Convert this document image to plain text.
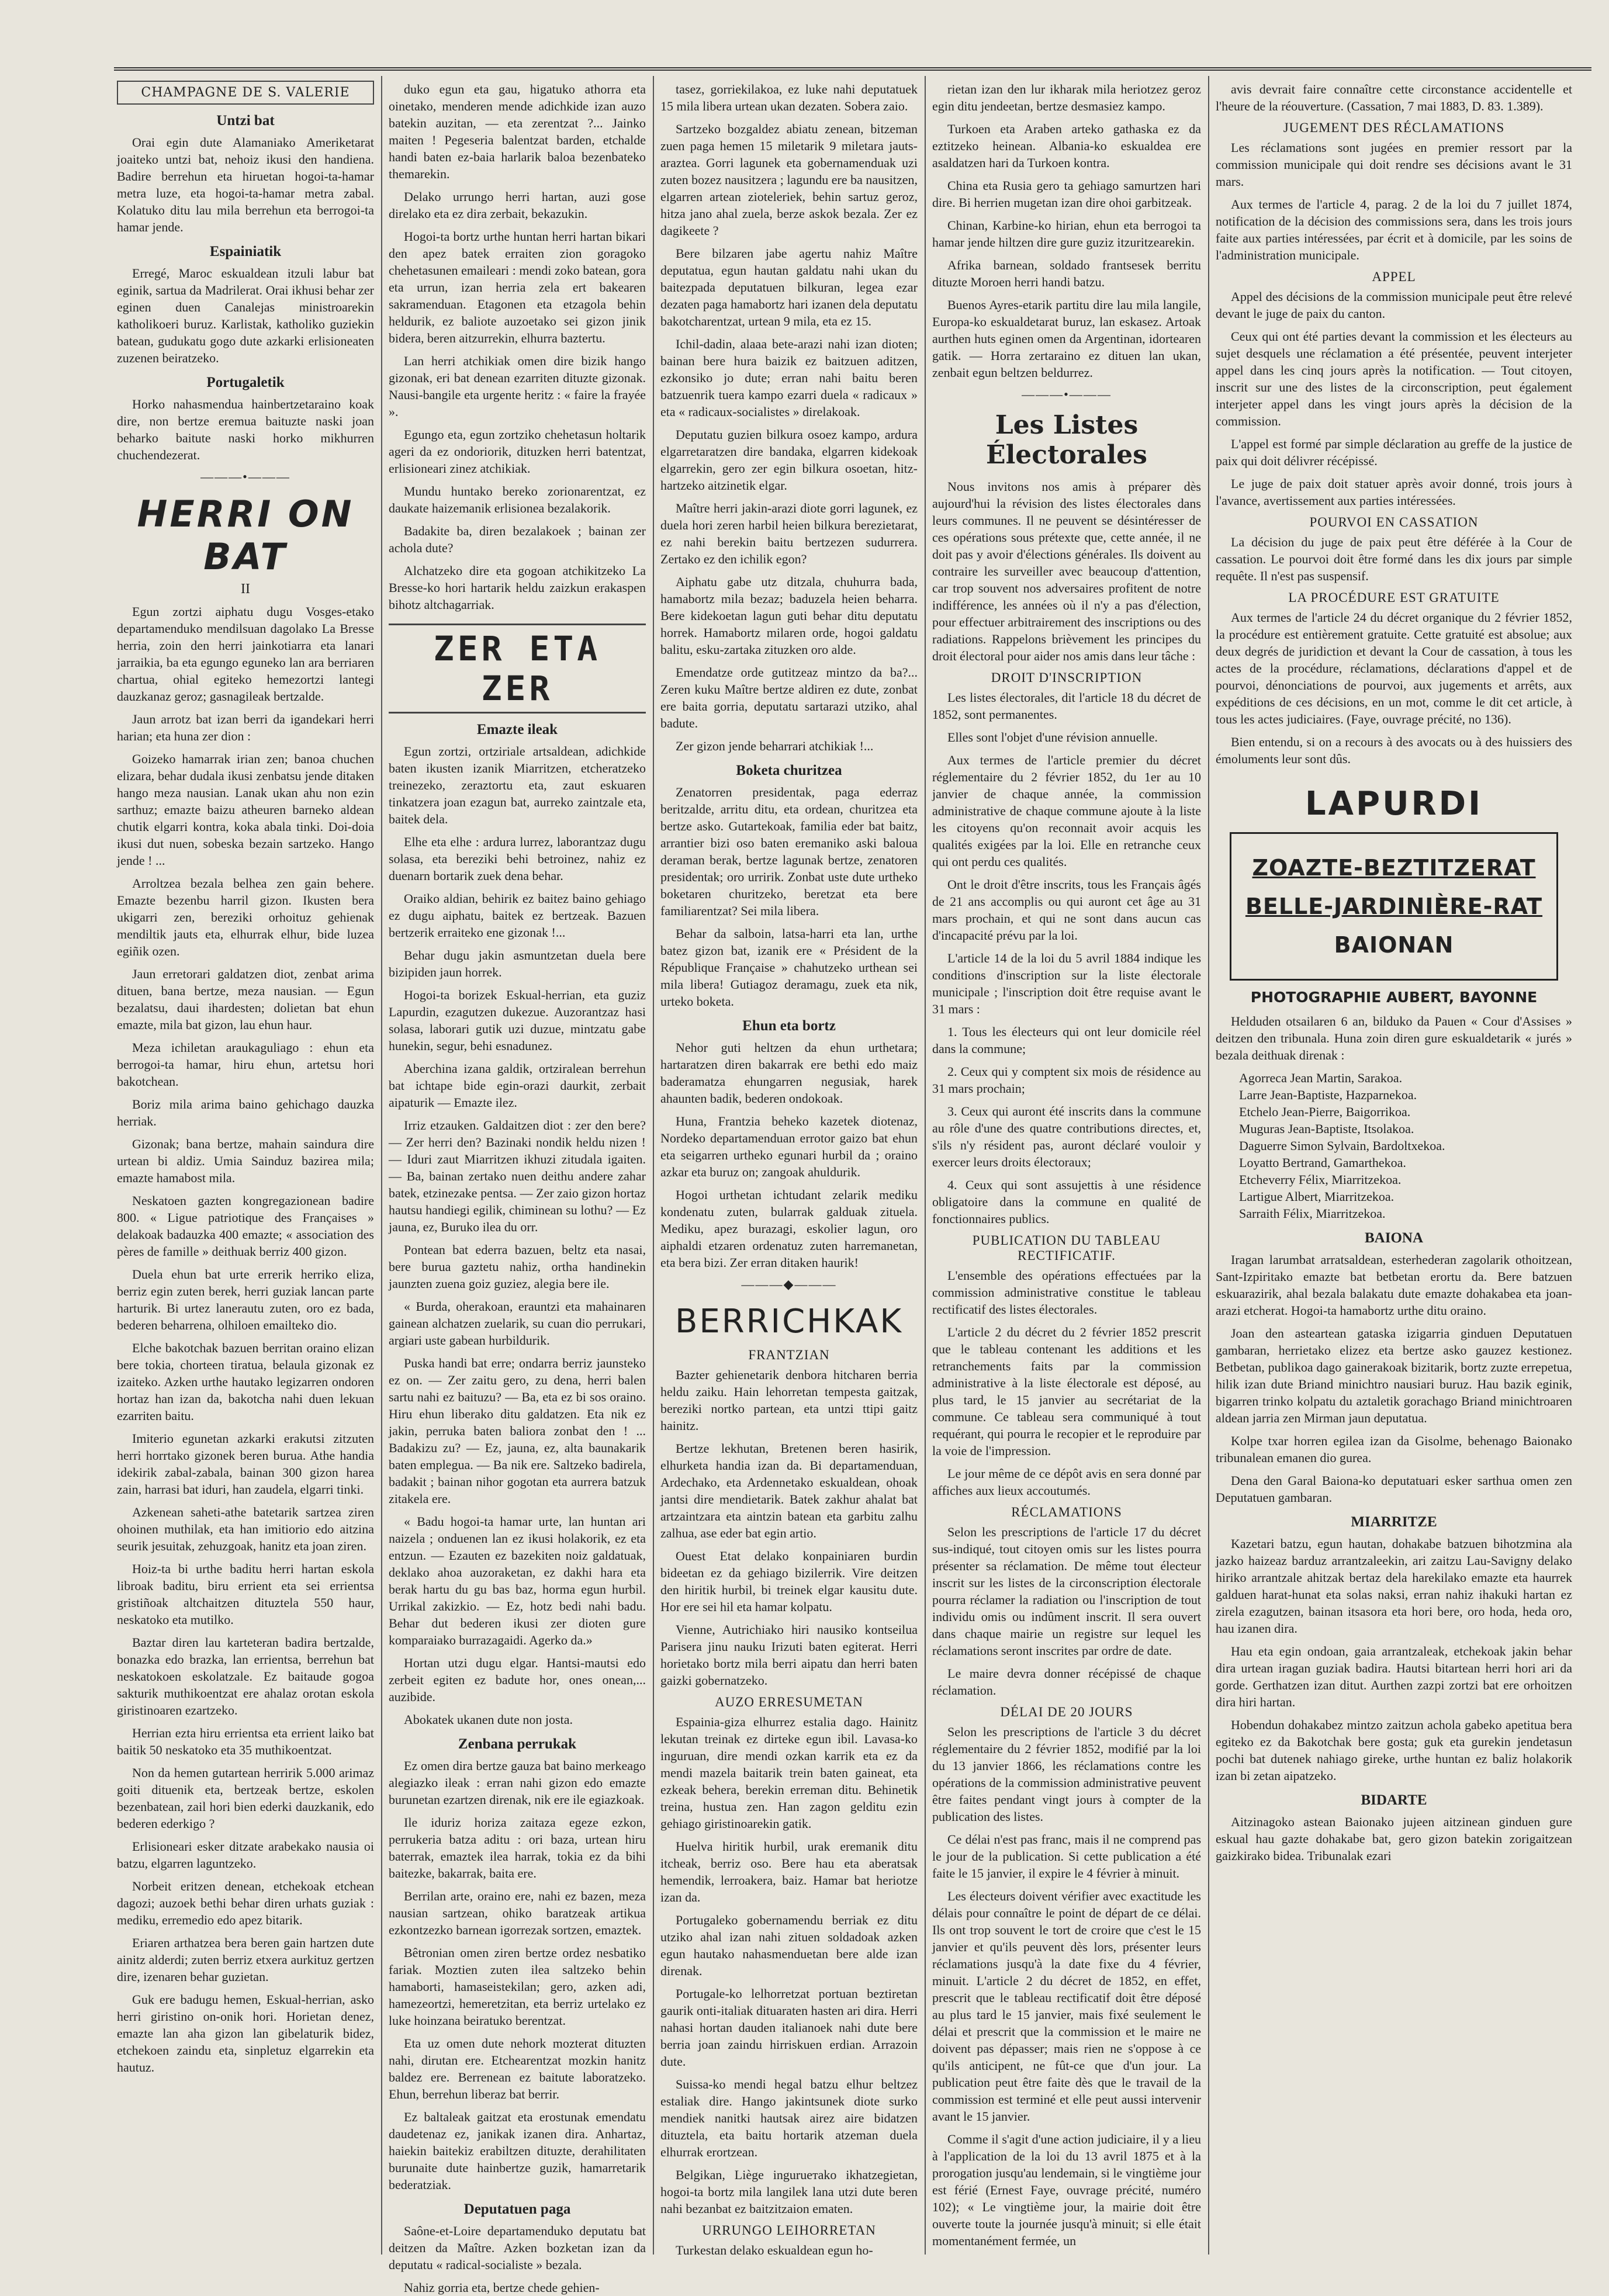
CHAMPAGNE DE S. VALERIE
Untzi bat

Orai egin dute Alamaniako Ameriketarat joaiteko untzi bat, nehoiz ikusi den handiena. Badire berrehun eta hiruetan hogoi-ta-hamar metra luze, eta hogoi-ta-hamar metra zabal. Kolatuko ditu lau mila berrehun eta berrogoi-ta hamar jende.

Espainiatik

Erregé, Maroc eskualdean itzuli labur bat eginik, sartua da Madrilerat. Orai ikhusi behar zer eginen duen Canalejas ministroarekin katholikoeri buruz. Karlistak, katholiko guziekin batean, gudukatu gogo dute azkarki erlisioneaten zuzenen beiratzeko.

Portugaletik

Horko nahasmendua hainbertzetaraino koak dire, non bertze eremua baituzte naski joan beharko baitute naski horko mikhurren chuchendezerat.

———•———
HERRI ON BAT
II

Egun zortzi aiphatu dugu Vosges-etako departamenduko mendilsuan dagolako La Bresse herria, zoin den herri jainkotiarra eta lanari jarraikia, ba eta egungo eguneko lan ara berriaren chartua, ohial egiteko hemezortzi lantegi dauzkanaz geroz; gasnagileak bertzalde.

Jaun arrotz bat izan berri da igandekari herri harian; eta huna zer dion :

Goizeko hamarrak irian zen; banoa chuchen elizara, behar dudala ikusi zenbatsu jende ditaken hango meza nausian. Lanak ukan ahu non ezin sarthuz; emazte baizu atheuren barneko aldean chutik elgarri kontra, koka abala tinki. Doi-doia ikusi dut nuen, sobeska bezain sartzeko. Hango jende ! ...

Arroltzea bezalа belhea zen gain behere. Emazte bezenbu harril gizon. Ikusten bera ukigarri zen, bereziki orhoituz gehienak mendiltik jauts eta, elhurrak elhur, bide luzea egiñik ozen.

Jaun erretorari galdatzen diot, zenbat arima dituen, bana bertze, meza nausian. — Egun bezalatsu, daui ihardesten; dolietan bat ehun emazte, mila bat gizon, lau ehun haur.

Meza ichiletan araukaguliago : ehun eta berrogoi-ta hamar, hiru ehun, artetsu hori bakotchean.

Boriz mila arima baino gehichago dauzka herriak.

Gizonak; bana bertze, mahain saindura dire urtean bi aldiz. Umia Sainduz bazirea mila; emazte hamabost mila.

Neskatoen gazten kongregazionean badire 800. « Ligue patriotique des Françaises » delakoak badauzka 400 emazte; « association des pères de famille » deithuak berriz 400 gizon.

Duela ehun bat urte errerik herriko eliza, berriz egin zuten berek, herri guziak lancan parte harturik. Bi urtez lanerautu zuten, oro ez bada, bederen beharrena, olhiloen emailteko dio.

Elche bakotchak bazuen berritan oraino elizan bere tokia, chorteen tiratua, belaula gizonak ez izaiteko. Azken urthe hautako legizarren ondoren hortaz han izan da, bakotcha nahi duen lekuan ezarriten baitu.

Imiterio egunetan azkarki erakutsi zitzuten herri horrtako gizonek beren burua. Athe handia idekirik zabal-zabala, bainan 300 gizon harea zain, harrasi bat iduri, han zaudela, elgarri tinki.

Azkenean saheti-athe batetarik sartzea ziren ohoinen muthilak, eta han imitiorio edo aitzina seurik jesuitak, zehuzgoak, hanitz eta joan ziren.

Hoiz-ta bi urthe baditu herri hartan eskola libroak baditu, biru errient eta sei errientsa gristiñoak altchaitzen dituztela 550 haur, neskatoko eta mutilko.

Baztar diren lau karteteran badira bertzalde, bonazka edo brazka, lan errientsa, berrehun bat neskatokoen eskolatzale. Ez baitaude gogoa sakturik muthikoentzat ere ahalaz orotan eskola giristinoaren ezartzeko.

Herrian ezta hiru errientsa eta errient laiko bat baitik 50 neskatoko eta 35 muthikoentzat.

Non da hemen gutartean herririk 5.000 arimaz goiti dituenik eta, bertzeak bertze, eskolen bezenbatean, zail hori bien ederki dauzkanik, edo bederen ederkigo ?

Erlisioneari esker ditzate arabekako nausia oi batzu, elgarren laguntzeko.

Norbeit eritzen denean, etchekoak etchean dagozi; auzoek bethi behar diren urhats guziak : mediku, erremedio edo apez bitarik.

Eriaren arthatzea bera beren gain hartzen dute ainitz alderdi; zuten berriz etxera aurkituz gertzen dire, izenaren behar guzietan.

Guk ere badugu hemen, Eskual-herrian, asko herri giristino on-onik hori. Horietan denez, emazte lan aha gizon lan gibelaturik bidez, etchekoen zaindu eta, sinpletuz elgarrekin eta hautuz.

duko egun eta gau, higatuko athorra eta oinetako, menderen mende adichkide izan auzo batekin auzitan, — eta zerentzat ?... Jainko maiten ! Pegeseria balentzat barden, etchalde handi baten ez-baia harlarik baloa bezenbateko themarekin.

Delako urrungo herri hartan, auzi gose direlako eta ez dira zerbait, bekazukin.

Hogoi-ta bortz urthe huntan herri hartan bikari den apez batek erraiten zion goragoko chehetasunen emaileari : mendi zoko batean, gora eta urrun, izan herria zela ert bakearen sakramenduan. Etagonen eta etzagola behin heldurik, ez baliote auzoetako sei gizon jinik bidera, beren aitzurrekin, elhurra baztertu.

Lan herri atchikiak omen dire bizik hango gizonak, eri bat denean ezarriten dituzte gizonak. Nausi-bangile eta urgente heritz : « faire la frayée ».

Egungo eta, egun zortziko chehetasun holtarik ageri da ez ondoriorik, dituzken herri batentzat, erlisioneari zinez atchikiak.

Mundu huntako bereko zorionarentzat, ez daukate haizemanik erlisionea bezalakorik.

Badakite ba, diren bezalakoek ; bainan zer achola dute?

Alchatzeko dire eta gogoan atchikitzeko La Bresse-ko hori hartarik heldu zaizkun erakaspen bihotz altchagarriak.

ZER ETA ZER
Emazte ileak

Egun zortzi, ortziriale artsaldean, adichkide baten ikusten izanik Miarritzen, etcheratzeko treinezeko, zeraztortu eta, zaut eskuaren tinkatzera joan ezagun bat, aurreko zaintzale eta, baitek dela.

Elhe eta elhe : ardura lurrez, laborantzaz dugu solasa, eta bereziki behi betroinez, nahiz ez duenarn bortarik zuek dena behar.

Oraiko aldian, behirik ez baitez baino gehiago ez dugu aiphatu, baitek ez bertzeak. Bazuen bertzerik erraiteko ene gizonak !...

Behar dugu jakin asmuntzetan duela bere bizipiden jaun horrek.

Hogoi-ta borizek Eskual-herrian, eta guziz Lapurdin, ezagutzen dukezue. Auzorantzaz hasi solasa, laborari gutik uzi duzue, mintzatu gabe hunekin, segur, behi esnadunez.

Aberchina izana galdik, ortziralean berrehun bat ichtape bide egin-orazi daurkit, zerbait aipaturik — Emazte ilez.

Irriz etzauken. Galdaitzen diot : zer den bere? — Zer herri den? Bazinaki nondik heldu nizen ! — Iduri zaut Miarritzen ikhuzi zitudala igaiten. — Ba, bainan zertako nuen deithu andere zahar batek, etzinezake pentsa. — Zer zaio gizon hortaz hautsu handiegi egilik, chiminean su lothu? — Ez jauna, ez, Buruko ilea du orr.

Pontean bat ederra bazuen, beltz eta nasai, bere burua gaztetu nahiz, ortha handinekin jaunzten zuena goiz guziez, alegia bere ile.

« Burda, oherakoan, erauntzi eta mahainaren gainean alchatzen zuelarik, su cuan dio perrukari, argiari uste gabean hurbildurik.

Puska handi bat erre; ondarra berriz jaunsteko ez on. — Zer zaitu gero, zu dena, herri balen sartu nahi ez baituzu? — Ba, eta ez bi sos oraino. Hiru ehun liberako ditu galdatzen. Eta nik ez jakin, perruka baten baliora zonbat den ! ... Badakizu zu? — Ez, jauna, ez, alta baunakarik baten emplegua. — Ba nik ere. Saltzeko badirela, badakit ; bainan nihor gogotan eta aurrera batzuk zitakela ere.

« Badu hogoi-ta hamar urte, lan huntan ari naizela ; onduenen lan ez ikusi holakorik, ez eta entzun. — Ezauten ez bazekiten noiz galdatuak, deklako ahoa auzoraketan, ez dakhi hara eta berak hartu du gu bas baz, horma egun hurbil. Urrikal zakizkio. — Ez, hotz bedi nahi badu. Behar dut bederen ikusi zer dioten gure komparaiako burrazagaidi. Agerko da.»

Hortan utzi dugu elgar. Hantsi-mautsi edo zerbeit egiten ez badute hor, ones onean,... auzibide.

Abokatek ukanen dute non josta.

Zenbana perrukak

Ez omen dira bertze gauza bat baino merkeago alegiazko ileak : erran nahi gizon edo emazte burunetan ezartzen direnak, nik ere ile egiazkoak.

Ile iduriz horiza zaitaza egeze ezkon, perrukeria batza aditu : ori baza, urtean hiru baterrak, emaztek ilea harrak, tokia ez da bihi baitezke, bakarrak, baita ere.

Berrilan arte, oraino ere, nahi ez bazen, meza nausian sartzean, ohiko baratzeak artikua ezkontzezko barnean igorrezak sortzen, emaztek.

Bêtronian omen ziren bertze ordez nesbatiko fariak. Moztien zuten ilea saltzeko behin hamaborti, hamaseistekilan; gero, azken adi, hamezeortzi, hemeretzitan, eta berriz urtelako ez luke hoinzana beiratuko berentzat.

Eta uz omen dute nehork mozterat dituzten nahi, dirutan ere. Etchearentzat mozkin hanitz baldez ere. Berrenean ez baitute laboratzeko. Ehun, berrehun liberaz bat berrir.

Ez baltaleak gaitzat eta erostunak emendatu daudetenaz ez, janikak izanen dira. Anhartaz, haiekin baitekiz erabiltzen dituzte, derahilitaten burunaite dute hainbertze guzik, hamarretarik bederatziak.

Deputatuen paga

Saône-et-Loire departamenduko deputatu bat deitzen da Maître. Azken bozketan izan da deputatu « radical-socialiste » bezala.

Nahiz gorria eta, bertze chede gehien-

tasez, gorriekilakoa, ez luke nahi deputatuek 15 mila libera urtean ukan dezaten. Sobera zaio.

Sartzeko bozgaldez abiatu zenean, bitzeman zuen paga hemen 15 miletarik 9 miletara jauts-araztea. Gorri lagunek eta gobernamenduak uzi zuten bozez nausitzera ; lagundu ere ba nausitzen, elgarren artean zioteleriek, behin sartuz geroz, hitza jano ahal zuela, berze askok bezala. Zer ez dagikeete ?

Bere bilzaren jabe agertu nahiz Maître deputatua, egun hautan galdatu nahi ukan du baitezpada deputatuen bilkuran, legea ezar dezaten paga hamabortz hari izanen dela deputatu bakotcharentzat, urtean 9 mila, eta ez 15.

Ichil-dadin, alaaa bete-arazi nahi izan dioten; bainan bere hura baizik ez baitzuen aditzen, ezkonsiko jo dute; erran nahi baitu beren batzuenrik tuera kampo ezarri duela « radicaux » eta « radicaux-socialistes » direlakoak.

Deputatu guzien bilkura osoez kampo, ardura elgarretaratzen dire bandaka, elgarren kidekoak elgarrekin, gero zer egin bilkura osoetan, hitz-hartzeko aitzinetik elgar.

Maître herri jakin-arazi diote gorri lagunek, ez duela hori zeren harbil heien bilkura berezietarat, ez nahi berekin baitu bertzezen sudurrera. Zertako ez den ichilik egon?

Aiphatu gabe utz ditzala, chuhurra bada, hamabortz mila bezaz; baduzela heien beharra. Bere kidekoetan lagun guti behar ditu deputatu horrek. Hamabortz milaren orde, hogoi galdatu balitu, esku-zartaka zituzken oro alde.

Emendatze orde gutitzeaz mintzo da ba?... Zeren kuku Maître bertze aldiren ez dute, zonbat ere baita gorria, deputatu sartarazi utziko, ahal badute.

Zer gizon jende beharrari atchikiak !...

Boketa churitzea

Zenatorren presidentak, paga ederraz beritzalde, arritu ditu, eta ordean, churitzea eta bertze asko. Gutartekoak, familia eder bat baitz, arrantier bizi oso baten eremaniko aski baloua deraman berak, bertze lagunak bertze, zenatoren presidentak; oro urririk. Zonbat uste dute urtheko boketaren churitzeko, beretzat eta bere familiarentzat? Sei mila libera.

Behar da salboin, latsa-harri eta lan, urthe batez gizon bat, izanik ere « Président de la République Française » chahutzeko urthean sei mila libera! Gutiagoz deramagu, zuek eta nik, urteko boketa.

Ehun eta bortz

Nehor guti heltzen da ehun urthetara; hartaratzen diren bakarrak ere bethi edo maiz baderamatza ehungarren negusiak, harek ahaunten badik, bederen ondokoak.

Huna, Frantzia beheko kazetek diotenaz, Nordeko departamenduan errotor gaizo bat ehun eta seigarren urtheko egunari hurbil da ; oraino azkar eta buruz on; zangoak ahuldurik.

Hogoi urthetan ichtudant zelarik mediku kondenatu zuten, bularrak galduak zituela. Mediku, apez burazagi, eskolier lagun, oro aiphaldi etzaren ordenatuz zuten harremanetan, eta bera bizi. Zer erran ditaken haurik!

———◆———
BERRICHKAK
FRANTZIAN

Bazter gehienetarik denbora hitcharen berria heldu zaiku. Hain lehorretan tempesta gaitzak, bereziki nortko partean, eta untzi ttipi gaitz hainitz.

Bertze lekhutan, Bretenen beren hasirik, elhurketa handia izan da. Bi departamenduan, Ardechako, eta Ardennetako eskualdean, ohoak jantsi dire mendietarik. Batek zakhur ahalat bat artzaintzara eta aintzin batean eta garbitu zalhu zalhua, ase eder bat egin artio.

Ouest Etat delako konpainiaren burdin bideetan ez da gehiago bizilerrik. Vire deitzen den hiritik hurbil, bi treinek elgar kausitu dute. Hor ere sei hil eta hamar kolpatu.

Vienne, Autrichiako hiri nausiko kontseilua Parisera jinu nauku Irizuti baten egiterat. Herri horietako bortz mila berri aipatu dan herri baten gaizki gobernatzeko.

AUZO ERRESUMETAN

Espainia-giza elhurrez estalia dago. Hainitz lekutan treinak ez dirteke egun ibil. Lavasa-ko inguruan, dire mendi ozkan karrik eta ez da mendi mazela baitarik trein baten gaineat, eta ezkeak behera, berekin erreman ditu. Behinetik treina, hustua zen. Han zagon gelditu ezin gehiago giristinoarekin gatik.

Huelva hiritik hurbil, urak eremanik ditu itcheak, berriz oso. Bere hau eta aberatsak hemendik, lerroakera, baiz. Hamar bat heriotze izan da.

Portugaleko gobernamendu berriak ez ditu utziko ahal izan nahi zituen soldadoak azken egun hautako nahasmenduetan bere alde izan direnak.

Portugale-ko lelhorretzat portuan beztiretan gaurik onti-italiak dituaraten hasten ari dira. Herri nahasi hortan dauden italianoek nahi dute bere berria joan zaindu hirriskuen erdian. Arrazoin dute.

Suissa-ko mendi hegal batzu elhur beltzez estaliak dire. Hango jakintsunek diote surko mendiek nanitki hautsak airez aire bidatzen dituztela, eta baitu hortarik atzeman duela elhurrak erortzean.

Belgikan, Liège ingurueтako ikhatzegietan, hogoi-ta bortz mila langilek lana utzi dute beren nahi bezanbat ez baitzitzaion ematen.

URRUNGO LEIHORRETAN

Turkestan delako eskualdean egun ho-

rietan izan den lur ikharak mila heriotzez geroz egin ditu jendeetan, bertze desmasiez kampo.

Turkoen eta Araben arteko gathaska ez da eztitzeko heinean. Albania-ko eskualdea ere asaldatzen hari da Turkoen kontra.

China eta Rusia gero ta gehiago samurtzen hari dire. Bi herrien mugetan izan dire ohoi garbitzeak.

Chinan, Karbine-ko hirian, ehun eta berrogoi ta hamar jende hiltzen dire gure guziz itzuritzearekin.

Afrika barnean, soldado frantsesek berritu dituzte Moroen herri handi batzu.

Buenos Ayres-etarik partitu dire lau mila langile, Europa-ko eskualdetarat buruz, lan eskasez. Artoak aurthen huts eginen omen da Argentinan, idortearen gatik. — Horra zertaraino ez dituen lan ukan, zenbait egun beltzen beldurrez.

———•———
Les Listes Électorales

Nous invitons nos amis à préparer dès aujourd'hui la révision des listes électorales dans leurs communes. Il ne peuvent se désintéresser de ces opérations sous prétexte que, cette année, il ne doit pas y avoir d'élections générales. Ils doivent au contraire les surveiller avec beaucoup d'attention, car trop souvent nos adversaires profitent de notre indifférence, les années où il n'y a pas d'élection, pour effectuer arbitrairement des inscriptions ou des radiations. Rappelons brièvement les principes du droit électoral pour aider nos amis dans leur tâche :

DROIT D'INSCRIPTION

Les listes électorales, dit l'article 18 du décret de 1852, sont permanentes.

Elles sont l'objet d'une révision annuelle.

Aux termes de l'article premier du décret réglementaire du 2 février 1852, du 1er au 10 janvier de chaque année, la commission administrative de chaque commune ajoute à la liste les citoyens qu'on reconnait avoir acquis les qualités exigées par la loi. Elle en retranche ceux qui ont perdu ces qualités.

Ont le droit d'être inscrits, tous les Français âgés de 21 ans accomplis ou qui auront cet âge au 31 mars prochain, et qui ne sont dans aucun cas d'incapacité prévu par la loi.

L'article 14 de la loi du 5 avril 1884 indique les conditions d'inscription sur la liste électorale municipale ; l'inscription doit être requise avant le 31 mars :

1. Tous les électeurs qui ont leur domicile réel dans la commune;

2. Ceux qui y comptent six mois de résidence au 31 mars prochain;

3. Ceux qui auront été inscrits dans la commune au rôle d'une des quatre contributions directes, et, s'ils n'y résident pas, auront déclaré vouloir y exercer leurs droits électoraux;

4. Ceux qui sont assujettis à une résidence obligatoire dans la commune en qualité de fonctionnaires publics.

PUBLICATION DU TABLEAU RECTIFICATIF.

L'ensemble des opérations effectuées par la commission administrative constitue le tableau rectificatif des listes électorales.

L'article 2 du décret du 2 février 1852 prescrit que le tableau contenant les additions et les retranchements faits par la commission administrative à la liste électorale est déposé, au plus tard, le 15 janvier au secrétariat de la commune. Ce tableau sera communiqué à tout requérant, qui pourra le recopier et le reproduire par la voie de l'impression.

Le jour même de ce dépôt avis en sera donné par affiches aux lieux accoutumés.

RÉCLAMATIONS

Selon les prescriptions de l'article 17 du décret sus-indiqué, tout citoyen omis sur les listes pourra présenter sa réclamation. De même tout électeur inscrit sur les listes de la circonscription électorale pourra réclamer la radiation ou l'inscription de tout individu omis ou indûment inscrit. Il sera ouvert dans chaque mairie un registre sur lequel les réclamations seront inscrites par ordre de date.

Le maire devra donner récépissé de chaque réclamation.

DÉLAI DE 20 JOURS

Selon les prescriptions de l'article 3 du décret réglementaire du 2 février 1852, modifié par la loi du 13 janvier 1866, les réclamations contre les opérations de la commission administrative peuvent être faites pendant vingt jours à compter de la publication des listes.

Ce délai n'est pas franc, mais il ne comprend pas le jour de la publication. Si cette publication a été faite le 15 janvier, il expire le 4 février à minuit.

Les électeurs doivent vérifier avec exactitude les délais pour connaître le point de départ de ce délai. Ils ont trop souvent le tort de croire que c'est le 15 janvier et qu'ils peuvent dès lors, présenter leurs réclamations jusqu'à la date fixe du 4 février, minuit. L'article 2 du décret de 1852, en effet, prescrit que le tableau rectificatif doit être déposé au plus tard le 15 janvier, mais fixé seulement le délai et prescrit que la commission et le maire ne doivent pas dépasser; mais rien ne s'oppose à ce qu'ils anticipent, ne fût-ce que d'un jour. La publication peut être faite dès que le travail de la commission est terminé et elle peut aussi intervenir avant le 15 janvier.

Comme il s'agit d'une action judiciaire, il y a lieu à l'application de la loi du 13 avril 1875 et à la prorogation jusqu'au lendemain, si le vingtième jour est férié (Ernest Faye, ouvrage précité, numéro 102); « Le vingtième jour, la mairie doit être ouverte toute la journée jusqu'à minuit; si elle était momentanément fermée, un

avis devrait faire connaître cette circonstance accidentelle et l'heure de la réouverture. (Cassation, 7 mai 1883, D. 83. 1.389).

JUGEMENT DES RÉCLAMATIONS

Les réclamations sont jugées en premier ressort par la commission municipale qui doit rendre ses décisions avant le 31 mars.

Aux termes de l'article 4, parag. 2 de la loi du 7 juillet 1874, notification de la décision des commissions sera, dans les trois jours faite aux parties intéressées, par écrit et à domicile, par les soins de l'administration municipale.

APPEL

Appel des décisions de la commission municipale peut être relevé devant le juge de paix du canton.

Ceux qui ont été parties devant la commission et les électeurs au sujet desquels une réclamation a été présentée, peuvent interjeter appel dans les cinq jours après la notification. — Tout citoyen, inscrit sur une des listes de la circonscription, peut également interjeter appel dans les vingt jours après la décision de la commission.

L'appel est formé par simple déclaration au greffe de la justice de paix qui doit délivrer récépissé.

Le juge de paix doit statuer après avoir donné, trois jours à l'avance, avertissement aux parties intéressées.

POURVOI EN CASSATION

La décision du juge de paix peut être déférée à la Cour de cassation. Le pourvoi doit être formé dans les dix jours par simple requête. Il n'est pas suspensif.

LA PROCÉDURE EST GRATUITE

Aux termes de l'article 24 du décret organique du 2 février 1852, la procédure est entièrement gratuite. Cette gratuité est absolue; aux deux degrés de juridiction et devant la Cour de cassation, à tous les actes de la procédure, réclamations, déclarations d'appel et de pourvoi, dénonciations de pourvoi, aux jugements et arrêts, aux expéditions de ces décisions, en un mot, comme le dit cet article, à tous les actes judiciaires. (Faye, ouvrage précité, no 136).

Bien entendu, si on a recours à des avocats ou à des huissiers des émoluments leur sont dûs.

LAPURDI
ZOAZTE-BEZTITZERAT
BELLE-JARDINIÈRE-RAT
BAIONAN
PHOTOGRAPHIE AUBERT, BAYONNE

Helduden otsailaren 6 an, bilduko da Pauen « Cour d'Assises » deitzen den tribunala. Huna zoin diren gure eskualdetarik « jurés » bezala deithuak direnak :

Agorreca Jean Martin, Sarakoa.

Larre Jean-Baptiste, Hazparnekoa.

Etchelo Jean-Pierre, Baigorrikoa.

Muguras Jean-Baptiste, Itsolakoa.

Daguerre Simon Sylvain, Bardoltxekoa.

Loyatto Bertrand, Gamarthekoa.

Etcheverry Félix, Miarritzekoa.

Lartigue Albert, Miarritzekoa.

Sarraith Félix, Miarritzekoa.

BAIONA

Iragan larumbat arratsaldean, esterhederan zagolarik othoitzean, Sant-Izpiritako emazte bat betbetan erortu da. Bere batzuen eskuarazirik, ahal bezala balakatu dute emazte dohakabea eta joan-arazi etcherat. Hogoi-ta hamabortz urthe ditu oraino.

Joan den asteartean gataska izigarria ginduen Deputatuen gambaran, herrietako elizez eta bertze asko gauzez kestionez. Betbetan, publikoa dago gainerakoak bizitarik, bortz zuzte errepetua, hilik izan dute Briand minichtro nausiari buruz. Hau bazik eginik, bigarren trinko kolpatu du aztaletik gorachago Briand minichtroaren aldean jarria zen Mirman jaun deputatua.

Kolpe txar horren egilea izan da Gisolme, behenago Baionako tribunalean emanen dio gurea.

Dena den Garal Baiona-ko deputatuari esker sarthua omen zen Deputatuen gambaran.

MIARRITZE

Kazetari batzu, egun hautan, dohakabe batzuen bihotzmina ala jazko haizeaz barduz arrantzaleekin, ari zaitzu Lau-Savigny delako hiriko arrantzale ahitzak bertaz dela harekilako emazte eta haurrek galduen harat-hunat eta solas naksi, erran nahiz ihakuki hartan ez zirela ezagutzen, bainan itsasora eta hori bere, oro hoda, heda oro, hau izanen dira.

Hau eta egin ondoan, gaia arrantzaleak, etchekoak jakin behar dira urtean iragan guziak badira. Hautsi bitartean herri hori ari da gorde. Gerthatzen izan ditut. Aurthen zazpi zortzi bat ere orhoitzen dira hiri hartan.

Hobendun dohakabez mintzo zaitzun achola gabeko apetitua bera egiteko ez da Bakotchak bere gosta; guk eta gurekin jendetasun pochi bat dutenek nahiago gireke, urthe huntan ez baliz holakorik izan bi zetan aipatzeko.

BIDARTE

Aitzinagoko astean Baionako jujeen aitzinean ginduen gure eskual hau gazte dohakabe bat, gero gizon batekin zorigaitzean gaizkirako bidea. Tribunalak ezari
